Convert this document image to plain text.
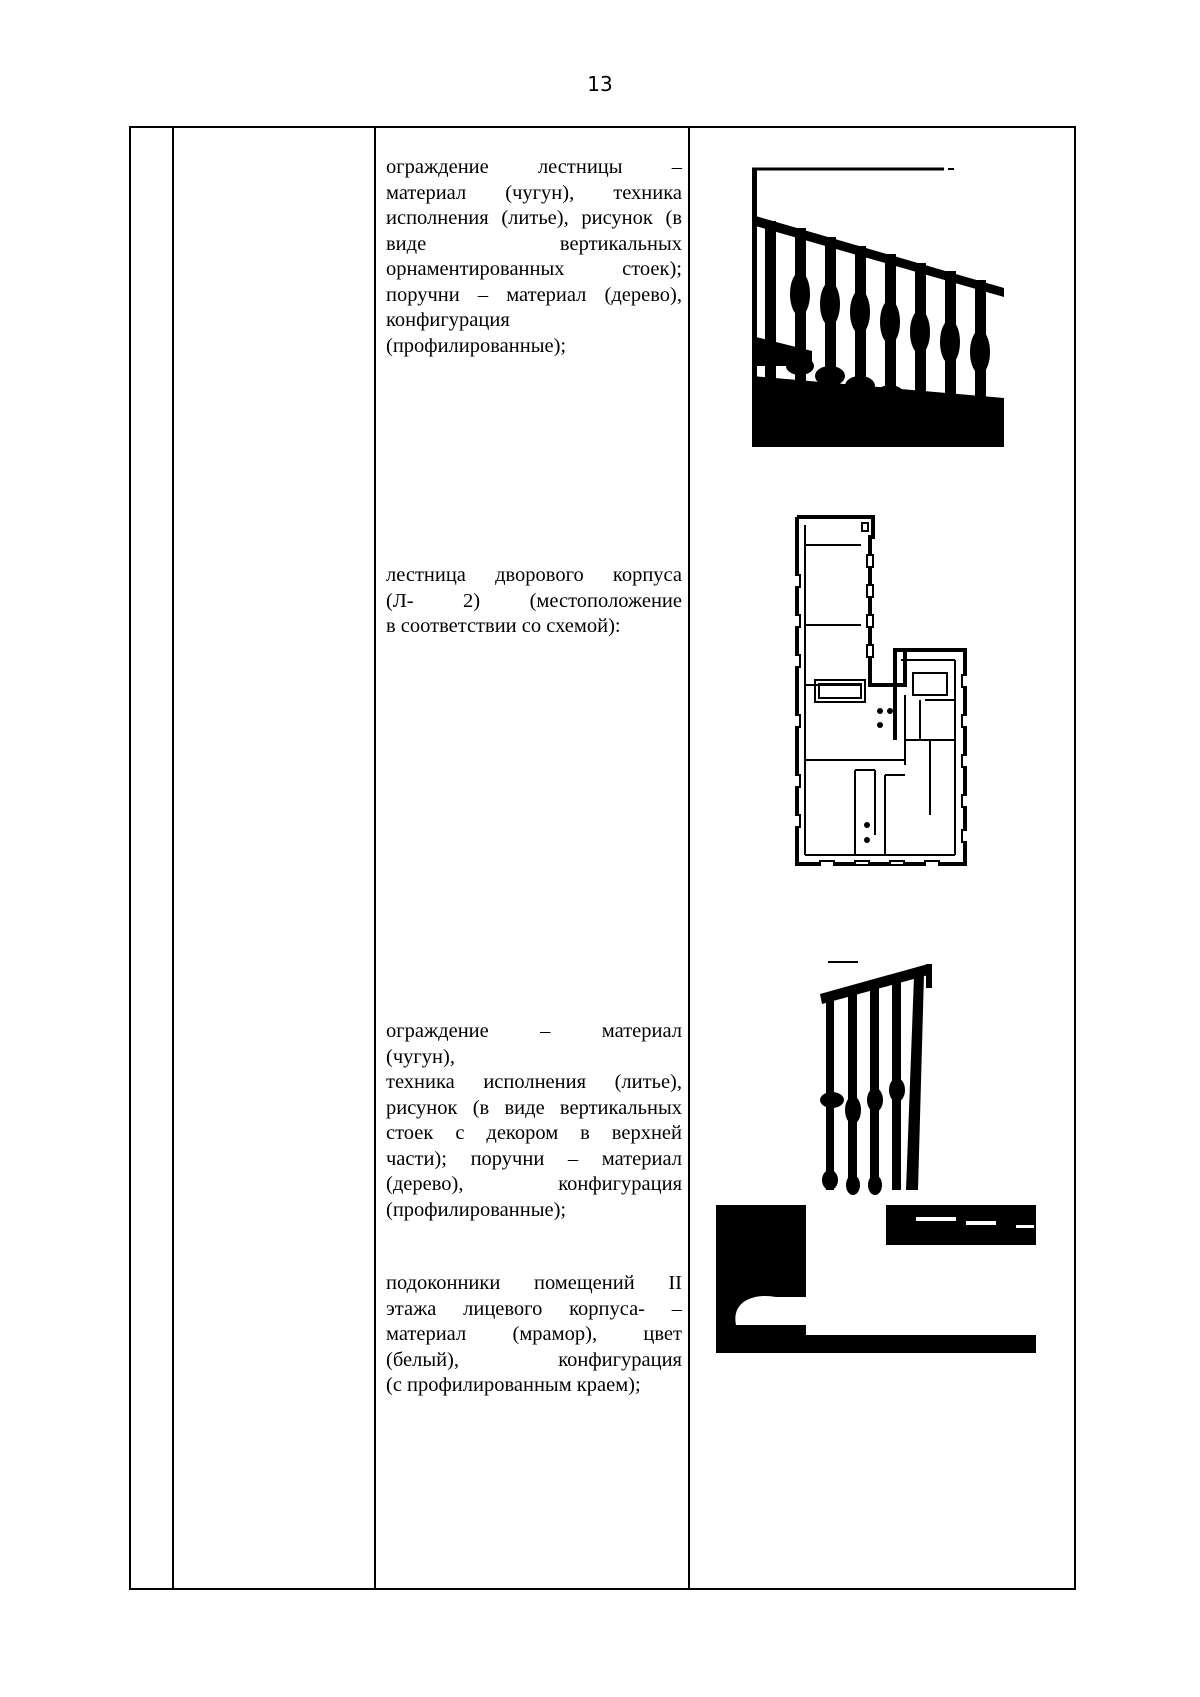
13

ограждение лестницы –

материал (чугун), техника

исполнения (литье), рисунок (в

виде вертикальных

орнаментированных стоек);

поручни – материал (дерево),

конфигурация

(профилированные);

лестница дворового корпуса

(Л- 2) (местоположение

в соответствии со схемой):

ограждение – материал

(чугун),

техника исполнения (литье),

рисунок (в виде вертикальных

стоек с декором в верхней

части); поручни – материал

(дерево), конфигурация

(профилированные);

подоконники помещений II

этажа лицевого корпуса- –

материал (мрамор), цвет

(белый), конфигурация

(с профилированным краем);
